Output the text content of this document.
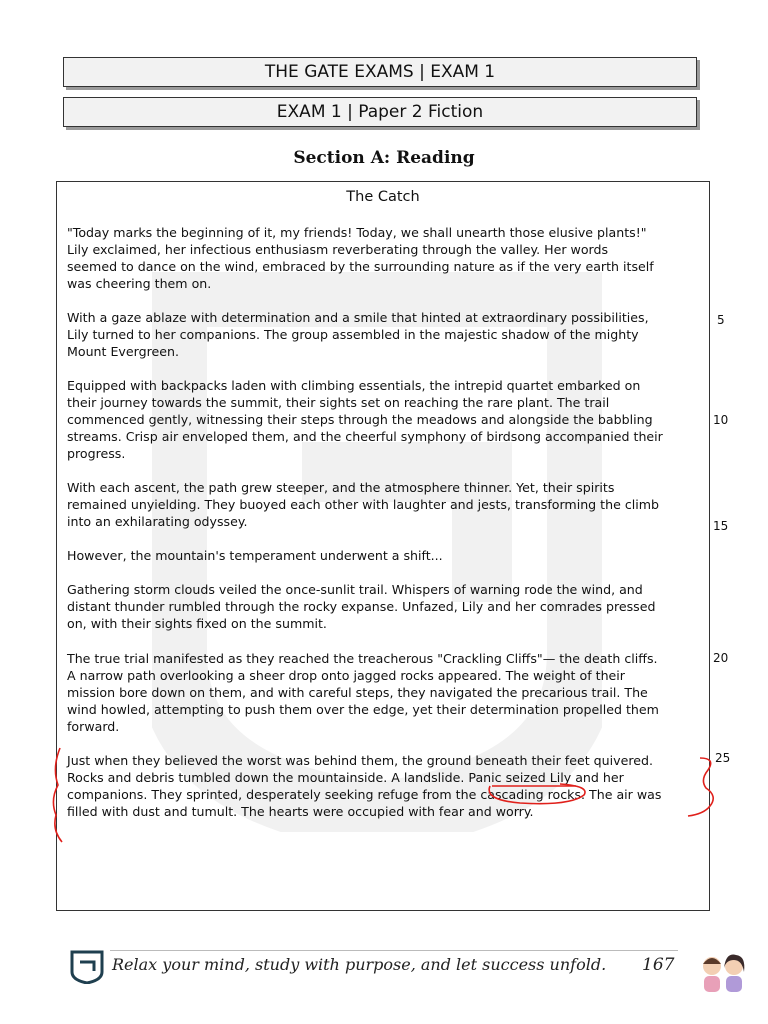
THE GATE EXAMS | EXAM 1
EXAM 1 | Paper 2 Fiction
Section A: Reading
The Catch
"Today marks the beginning of it, my friends! Today, we shall unearth those elusive plants!"
Lily exclaimed, her infectious enthusiasm reverberating through the valley. Her words
seemed to dance on the wind, embraced by the surrounding nature as if the very earth itself
was cheering them on.
With a gaze ablaze with determination and a smile that hinted at extraordinary possibilities,
Lily turned to her companions. The group assembled in the majestic shadow of the mighty
Mount Evergreen.
Equipped with backpacks laden with climbing essentials, the intrepid quartet embarked on
their journey towards the summit, their sights set on reaching the rare plant. The trail
commenced gently, witnessing their steps through the meadows and alongside the babbling
streams. Crisp air enveloped them, and the cheerful symphony of birdsong accompanied their
progress.
With each ascent, the path grew steeper, and the atmosphere thinner. Yet, their spirits
remained unyielding. They buoyed each other with laughter and jests, transforming the climb
into an exhilarating odyssey.
However, the mountain's temperament underwent a shift...
Gathering storm clouds veiled the once-sunlit trail. Whispers of warning rode the wind, and
distant thunder rumbled through the rocky expanse. Unfazed, Lily and her comrades pressed
on, with their sights fixed on the summit.
The true trial manifested as they reached the treacherous "Crackling Cliffs"— the death cliffs.
A narrow path overlooking a sheer drop onto jagged rocks appeared. The weight of their
mission bore down on them, and with careful steps, they navigated the precarious trail. The
wind howled, attempting to push them over the edge, yet their determination propelled them
forward.
Just when they believed the worst was behind them, the ground beneath their feet quivered.
Rocks and debris tumbled down the mountainside. A landslide. Panic seized Lily and her
companions. They sprinted, desperately seeking refuge from the cascading rocks. The air was
filled with dust and tumult. The hearts were occupied with fear and worry.
5
10
15
20
25
Relax your mind, study with purpose, and let success unfold. 167
